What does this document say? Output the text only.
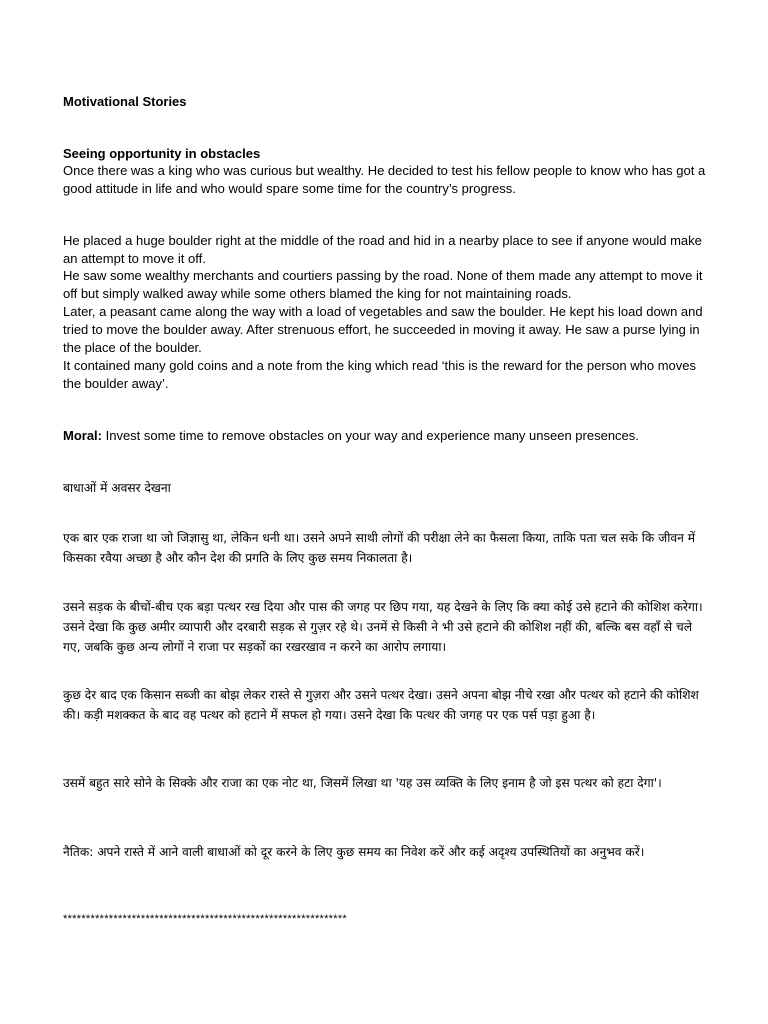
Motivational Stories

Seeing opportunity in obstacles

Once there was a king who was curious but wealthy. He decided to test his fellow people to know who has got a good attitude in life and who would spare some time for the country’s progress.

He placed a huge boulder right at the middle of the road and hid in a nearby place to see if anyone would make an attempt to move it off.

He saw some wealthy merchants and courtiers passing by the road. None of them made any attempt to move it off but simply walked away while some others blamed the king for not maintaining roads.

Later, a peasant came along the way with a load of vegetables and saw the boulder. He kept his load down and tried to move the boulder away. After strenuous effort, he succeeded in moving it away. He saw a purse lying in the place of the boulder.

It contained many gold coins and a note from the king which read ‘this is the reward for the person who moves the boulder away’.

Moral: Invest some time to remove obstacles on your way and experience many unseen presences.

बाधाओं में अवसर देखना

एक बार एक राजा था जो जिज्ञासु था, लेकिन धनी था। उसने अपने साथी लोगों की परीक्षा लेने का फैसला किया, ताकि पता चल सके कि जीवन में किसका रवैया अच्छा है और कौन देश की प्रगति के लिए कुछ समय निकालता है।

उसने सड़क के बीचों-बीच एक बड़ा पत्थर रख दिया और पास की जगह पर छिप गया, यह देखने के लिए कि क्या कोई उसे हटाने की कोशिश करेगा। उसने देखा कि कुछ अमीर व्यापारी और दरबारी सड़क से गुज़र रहे थे। उनमें से किसी ने भी उसे हटाने की कोशिश नहीं की, बल्कि बस वहाँ से चले गए, जबकि कुछ अन्य लोगों ने राजा पर सड़कों का रखरखाव न करने का आरोप लगाया।

कुछ देर बाद एक किसान सब्जी का बोझ लेकर रास्ते से गुज़रा और उसने पत्थर देखा। उसने अपना बोझ नीचे रखा और पत्थर को हटाने की कोशिश की। कड़ी मशक्कत के बाद वह पत्थर को हटाने में सफल हो गया। उसने देखा कि पत्थर की जगह पर एक पर्स पड़ा हुआ है।

उसमें बहुत सारे सोने के सिक्के और राजा का एक नोट था, जिसमें लिखा था 'यह उस व्यक्ति के लिए इनाम है जो इस पत्थर को हटा देगा'।

नैतिक: अपने रास्ते में आने वाली बाधाओं को दूर करने के लिए कुछ समय का निवेश करें और कई अदृश्य उपस्थितियों का अनुभव करें।

**************************************************************
